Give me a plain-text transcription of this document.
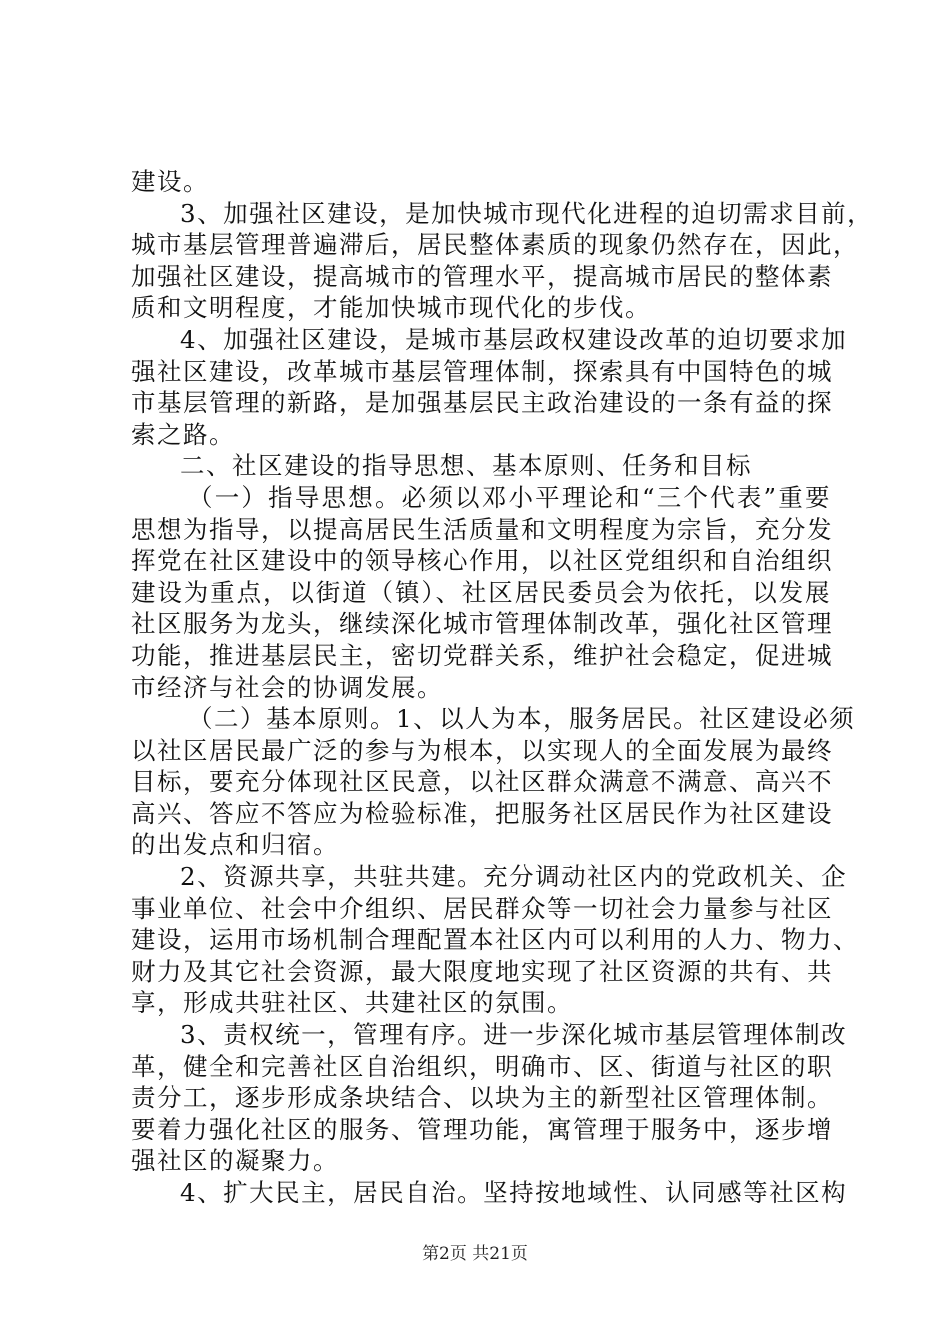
建设。
3、加强社区建设，是加快城市现代化进程的迫切需求目前，
城市基层管理普遍滞后，居民整体素质的现象仍然存在，因此，
加强社区建设，提高城市的管理水平，提高城市居民的整体素
质和文明程度，才能加快城市现代化的步伐。
4、加强社区建设，是城市基层政权建设改革的迫切要求加
强社区建设，改革城市基层管理体制，探索具有中国特色的城
市基层管理的新路，是加强基层民主政治建设的一条有益的探
索之路。
二、社区建设的指导思想、基本原则、任务和目标
（一）指导思想。必须以邓小平理论和“三个代表”重要
思想为指导，以提高居民生活质量和文明程度为宗旨，充分发
挥党在社区建设中的领导核心作用，以社区党组织和自治组织
建设为重点，以街道（镇）、社区居民委员会为依托，以发展
社区服务为龙头，继续深化城市管理体制改革，强化社区管理
功能，推进基层民主，密切党群关系，维护社会稳定，促进城
市经济与社会的协调发展。
（二）基本原则。1、以人为本，服务居民。社区建设必须
以社区居民最广泛的参与为根本，以实现人的全面发展为最终
目标，要充分体现社区民意，以社区群众满意不满意、高兴不
高兴、答应不答应为检验标准，把服务社区居民作为社区建设
的出发点和归宿。
2、资源共享，共驻共建。充分调动社区内的党政机关、企
事业单位、社会中介组织、居民群众等一切社会力量参与社区
建设，运用市场机制合理配置本社区内可以利用的人力、物力、
财力及其它社会资源，最大限度地实现了社区资源的共有、共
享，形成共驻社区、共建社区的氛围。
3、责权统一，管理有序。进一步深化城市基层管理体制改
革，健全和完善社区自治组织，明确市、区、街道与社区的职
责分工，逐步形成条块结合、以块为主的新型社区管理体制。
要着力强化社区的服务、管理功能，寓管理于服务中，逐步增
强社区的凝聚力。
4、扩大民主，居民自治。坚持按地域性、认同感等社区构
第2页 共21页
